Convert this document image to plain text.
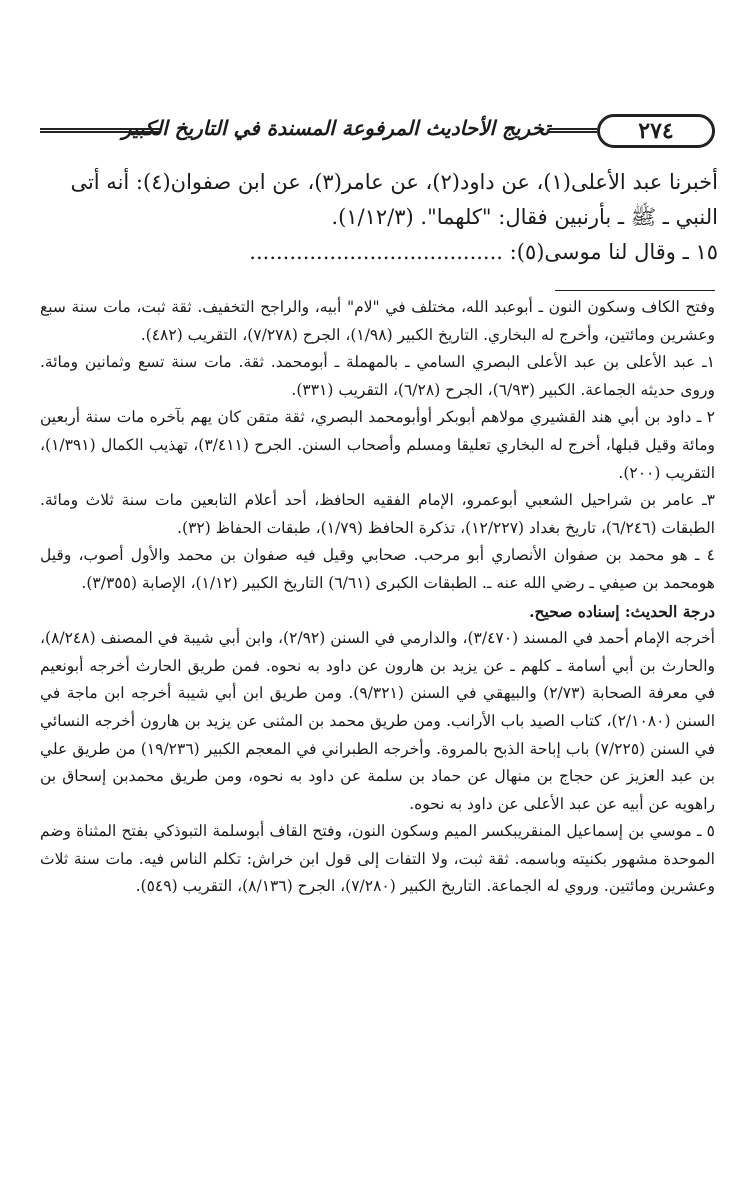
٢٧٤
تخريج الأحاديث المرفوعة المسندة في التاريخ الكبير

أخبرنا عبد الأعلى(١)، عن داود(٢)، عن عامر(٣)، عن ابن صفوان(٤): أنه أتى

النبي ـ ﷺ ـ بأرنبين فقال: "كلهما". (١/١٢/٣).

١٥ ـ وقال لنا موسى(٥): ......................................

وفتح الكاف وسكون النون ـ أبوعبد الله، مختلف في "لام" أبيه، والراجح التخفيف. ثقة ثبت، مات سنة سبع وعشرين ومائتين، وأخرج له البخاري. التاريخ الكبير (١/٩٨)، الجرح (٧/٢٧٨)، التقريب (٤٨٢).

١ـ عبد الأعلى بن عبد الأعلى البصري السامي ـ بالمهملة ـ أبومحمد. ثقة. مات سنة تسع وثمانين ومائة. وروى حديثه الجماعة. الكبير (٦/٩٣)، الجرح (٦/٢٨)، التقريب (٣٣١).

٢ ـ داود بن أبي هند القشيري مولاهم أبوبكر أوأبومحمد البصري، ثقة متقن كان يهم بآخره مات سنة أربعين ومائة وقيل قبلها، أخرج له البخاري تعليقا ومسلم وأصحاب السنن. الجرح (٣/٤١١)، تهذيب الكمال (١/٣٩١)، التقريب (٢٠٠).

٣ـ عامر بن شراحيل الشعبي أبوعمرو، الإمام الفقيه الحافظ، أحد أعلام التابعين مات سنة ثلاث ومائة. الطبقات (٦/٢٤٦)، تاريخ بغداد (١٢/٢٢٧)، تذكرة الحافظ (١/٧٩)، طبقات الحفاظ (٣٢).

٤ ـ هو محمد بن صفوان الأنصاري أبو مرحب. صحابي وقيل فيه صفوان بن محمد والأول أصوب، وقيل هومحمد بن صيفي ـ رضي الله عنه ـ. الطبقات الكبرى (٦/٦١) التاريخ الكبير (١/١٢)، الإصابة (٣/٣٥٥).

درجة الحديث: إسناده صحيح.

أخرجه الإمام أحمد في المسند (٣/٤٧٠)، والدارمي في السنن (٢/٩٢)، وابن أبي شيبة في المصنف (٨/٢٤٨)، والحارث بن أبي أسامة ـ كلهم ـ عن يزيد بن هارون عن داود به نحوه. فمن طريق الحارث أخرجه أبونعيم في معرفة الصحابة (٢/٧٣) والبيهقي في السنن (٩/٣٢١). ومن طريق ابن أبي شيبة أخرجه ابن ماجة في السنن (٢/١٠٨٠)، كتاب الصيد باب الأرانب. ومن طريق محمد بن المثنى عن يزيد بن هارون أخرجه النسائي في السنن (٧/٢٢٥) باب إباحة الذبح بالمروة. وأخرجه الطبراني في المعجم الكبير (١٩/٢٣٦) من طريق علي بن عبد العزيز عن حجاج بن منهال عن حماد بن سلمة عن داود به نحوه، ومن طريق محمدبن إسحاق بن راهويه عن أبيه عن عبد الأعلى عن داود به نحوه.

٥ ـ موسي بن إسماعيل المنقريبكسر الميم وسكون النون، وفتح القاف أبوسلمة التبوذكي بفتح المثناة وضم الموحدة مشهور بكنيته وباسمه. ثقة ثبت، ولا التفات إلى قول ابن خراش: تكلم الناس فيه. مات سنة ثلاث وعشرين ومائتين. وروي له الجماعة. التاريخ الكبير (٧/٢٨٠)، الجرح (٨/١٣٦)، التقريب (٥٤٩).
